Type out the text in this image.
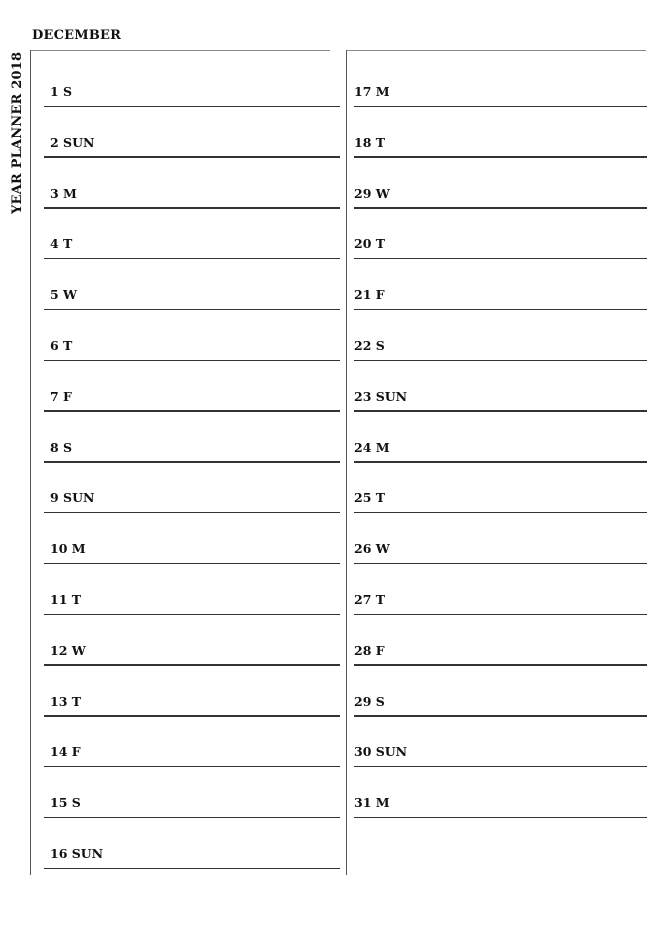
YEAR PLANNER 2018
DECEMBER
1 S
2 SUN
3 M
4 T
5 W
6 T
7 F
8 S
9 SUN
10 M
11 T
12 W
13 T
14 F
15 S
16 SUN
17 M
18 T
29 W
20 T
21 F
22 S
23 SUN
24 M
25 T
26 W
27 T
28 F
29 S
30 SUN
31 M
